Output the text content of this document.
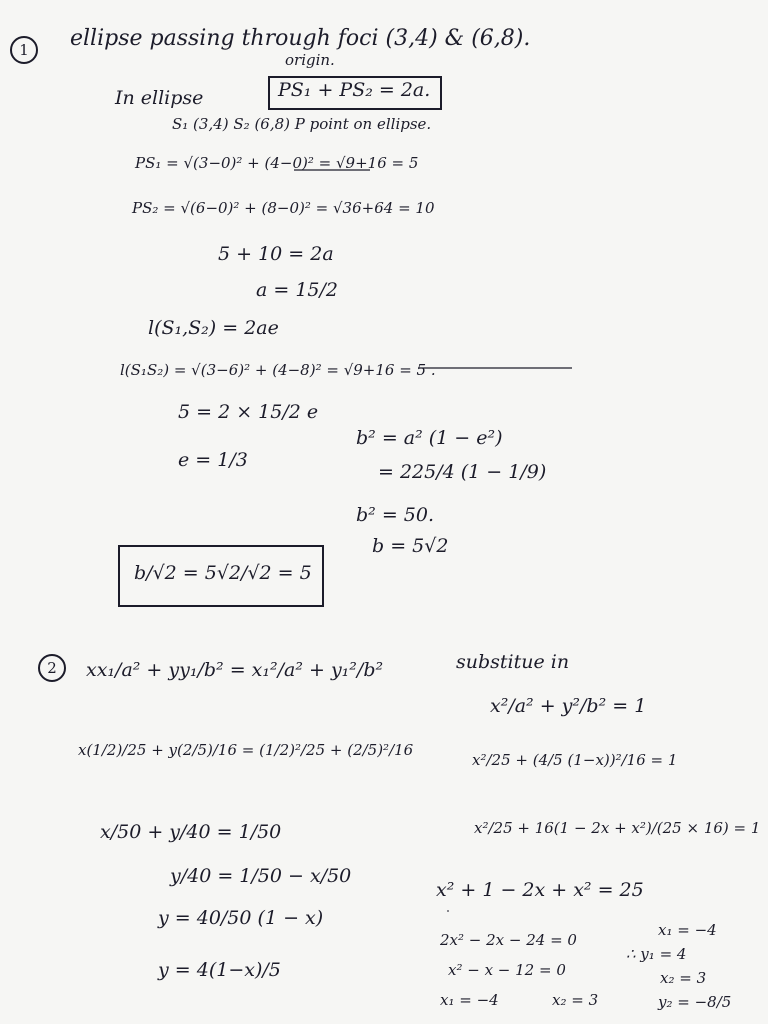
1	ellipse passing through foci (3,4) & (6,8).
origin.
In ellipse	PS₁ + PS₂ = 2a.
S₁ (3,4) S₂ (6,8) P point on ellipse.
PS₁ = √(3−0)² + (4−0)² = √9+16 = 5
PS₂ = √(6−0)² + (8−0)² = √36+64 = 10
5 + 10 = 2a
a = 15/2
l(S₁,S₂) = 2ae
l(S₁S₂) = √(3−6)² + (4−8)² = √9+16 = 5 .
5 = 2 × 15/2 e
e = 1/3
b² = a² (1 − e²)
= 225/4 (1 − 1/9)
b² = 50.
b = 5√2
b/√2 = 5√2/√2 = 5
2	xx₁/a² + yy₁/b² = x₁²/a² + y₁²/b²
x(1/2)/25 + y(2/5)/16 = (1/2)²/25 + (2/5)²/16
x/50 + y/40 = 1/50
y/40 = 1/50 − x/50
y = 40/50 (1 − x)
y = 4(1−x)/5
substitue in
x²/a² + y²/b² = 1
x²/25 + (4/5 (1−x))²/16 = 1
x²/25 + 16(1 − 2x + x²)/(25 × 16) = 1
x² + 1 − 2x + x² = 25
2x² − 2x − 24 = 0
x² − x − 12 = 0
x₁ = −4	x₂ = 3
x₁ = −4
∴ y₁ = 4
x₂ = 3
y₂ = −8/5
